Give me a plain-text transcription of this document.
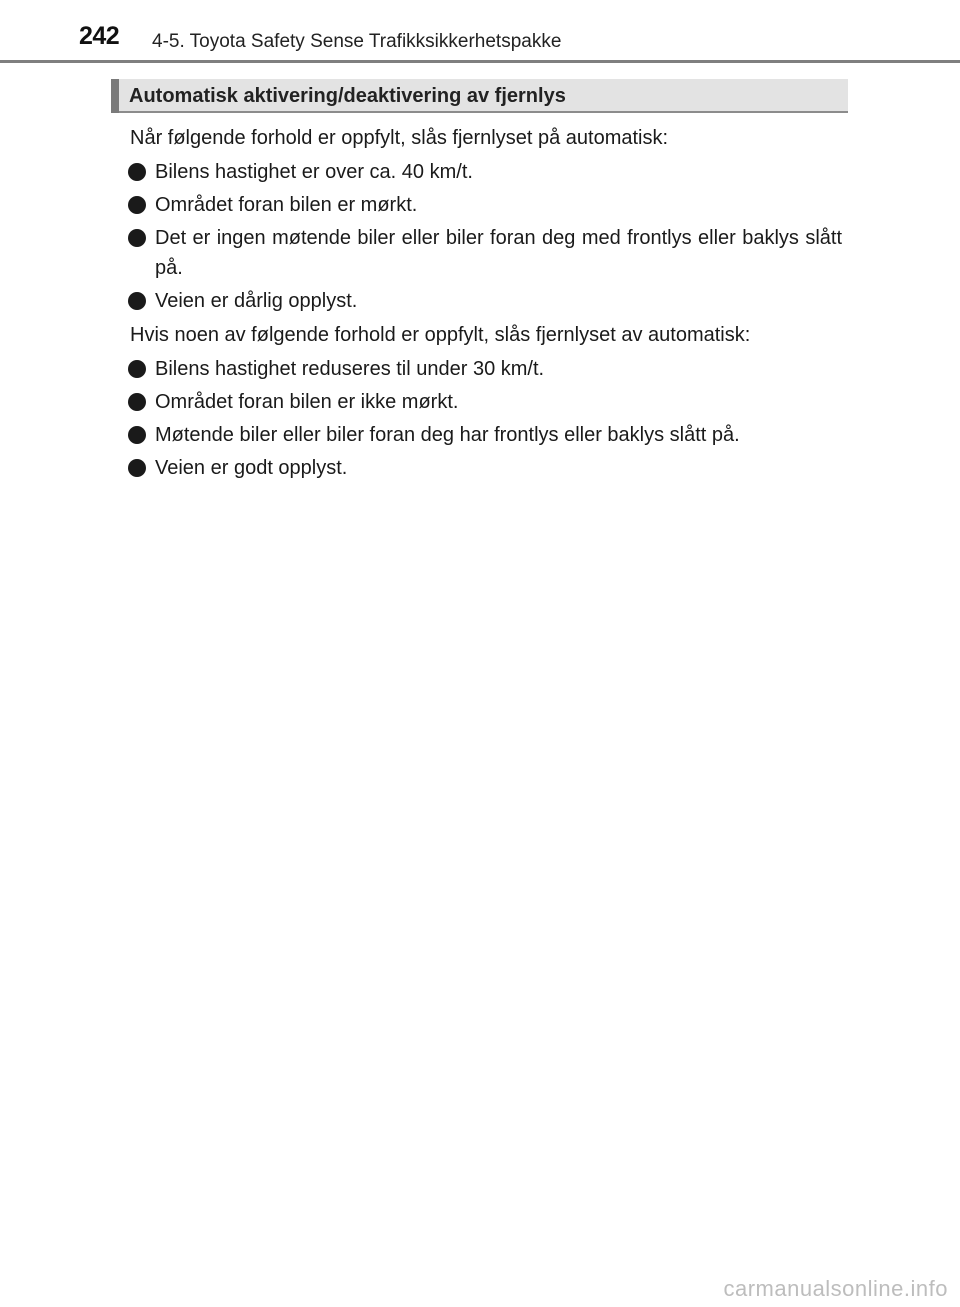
242 4-5. Toyota Safety Sense Trafikksikkerhetspakke
Automatisk aktivering/deaktivering av fjernlys

Når følgende forhold er oppfylt, slås fjernlyset på automatisk:

Bilens hastighet er over ca. 40 km/t.
Området foran bilen er mørkt.
Det er ingen møtende biler eller biler foran deg med frontlys eller baklys slått på.
Veien er dårlig opplyst.

Hvis noen av følgende forhold er oppfylt, slås fjernlyset av automatisk:

Bilens hastighet reduseres til under 30 km/t.
Området foran bilen er ikke mørkt.
Møtende biler eller biler foran deg har frontlys eller baklys slått på.
Veien er godt opplyst.
carmanualsonline.info
